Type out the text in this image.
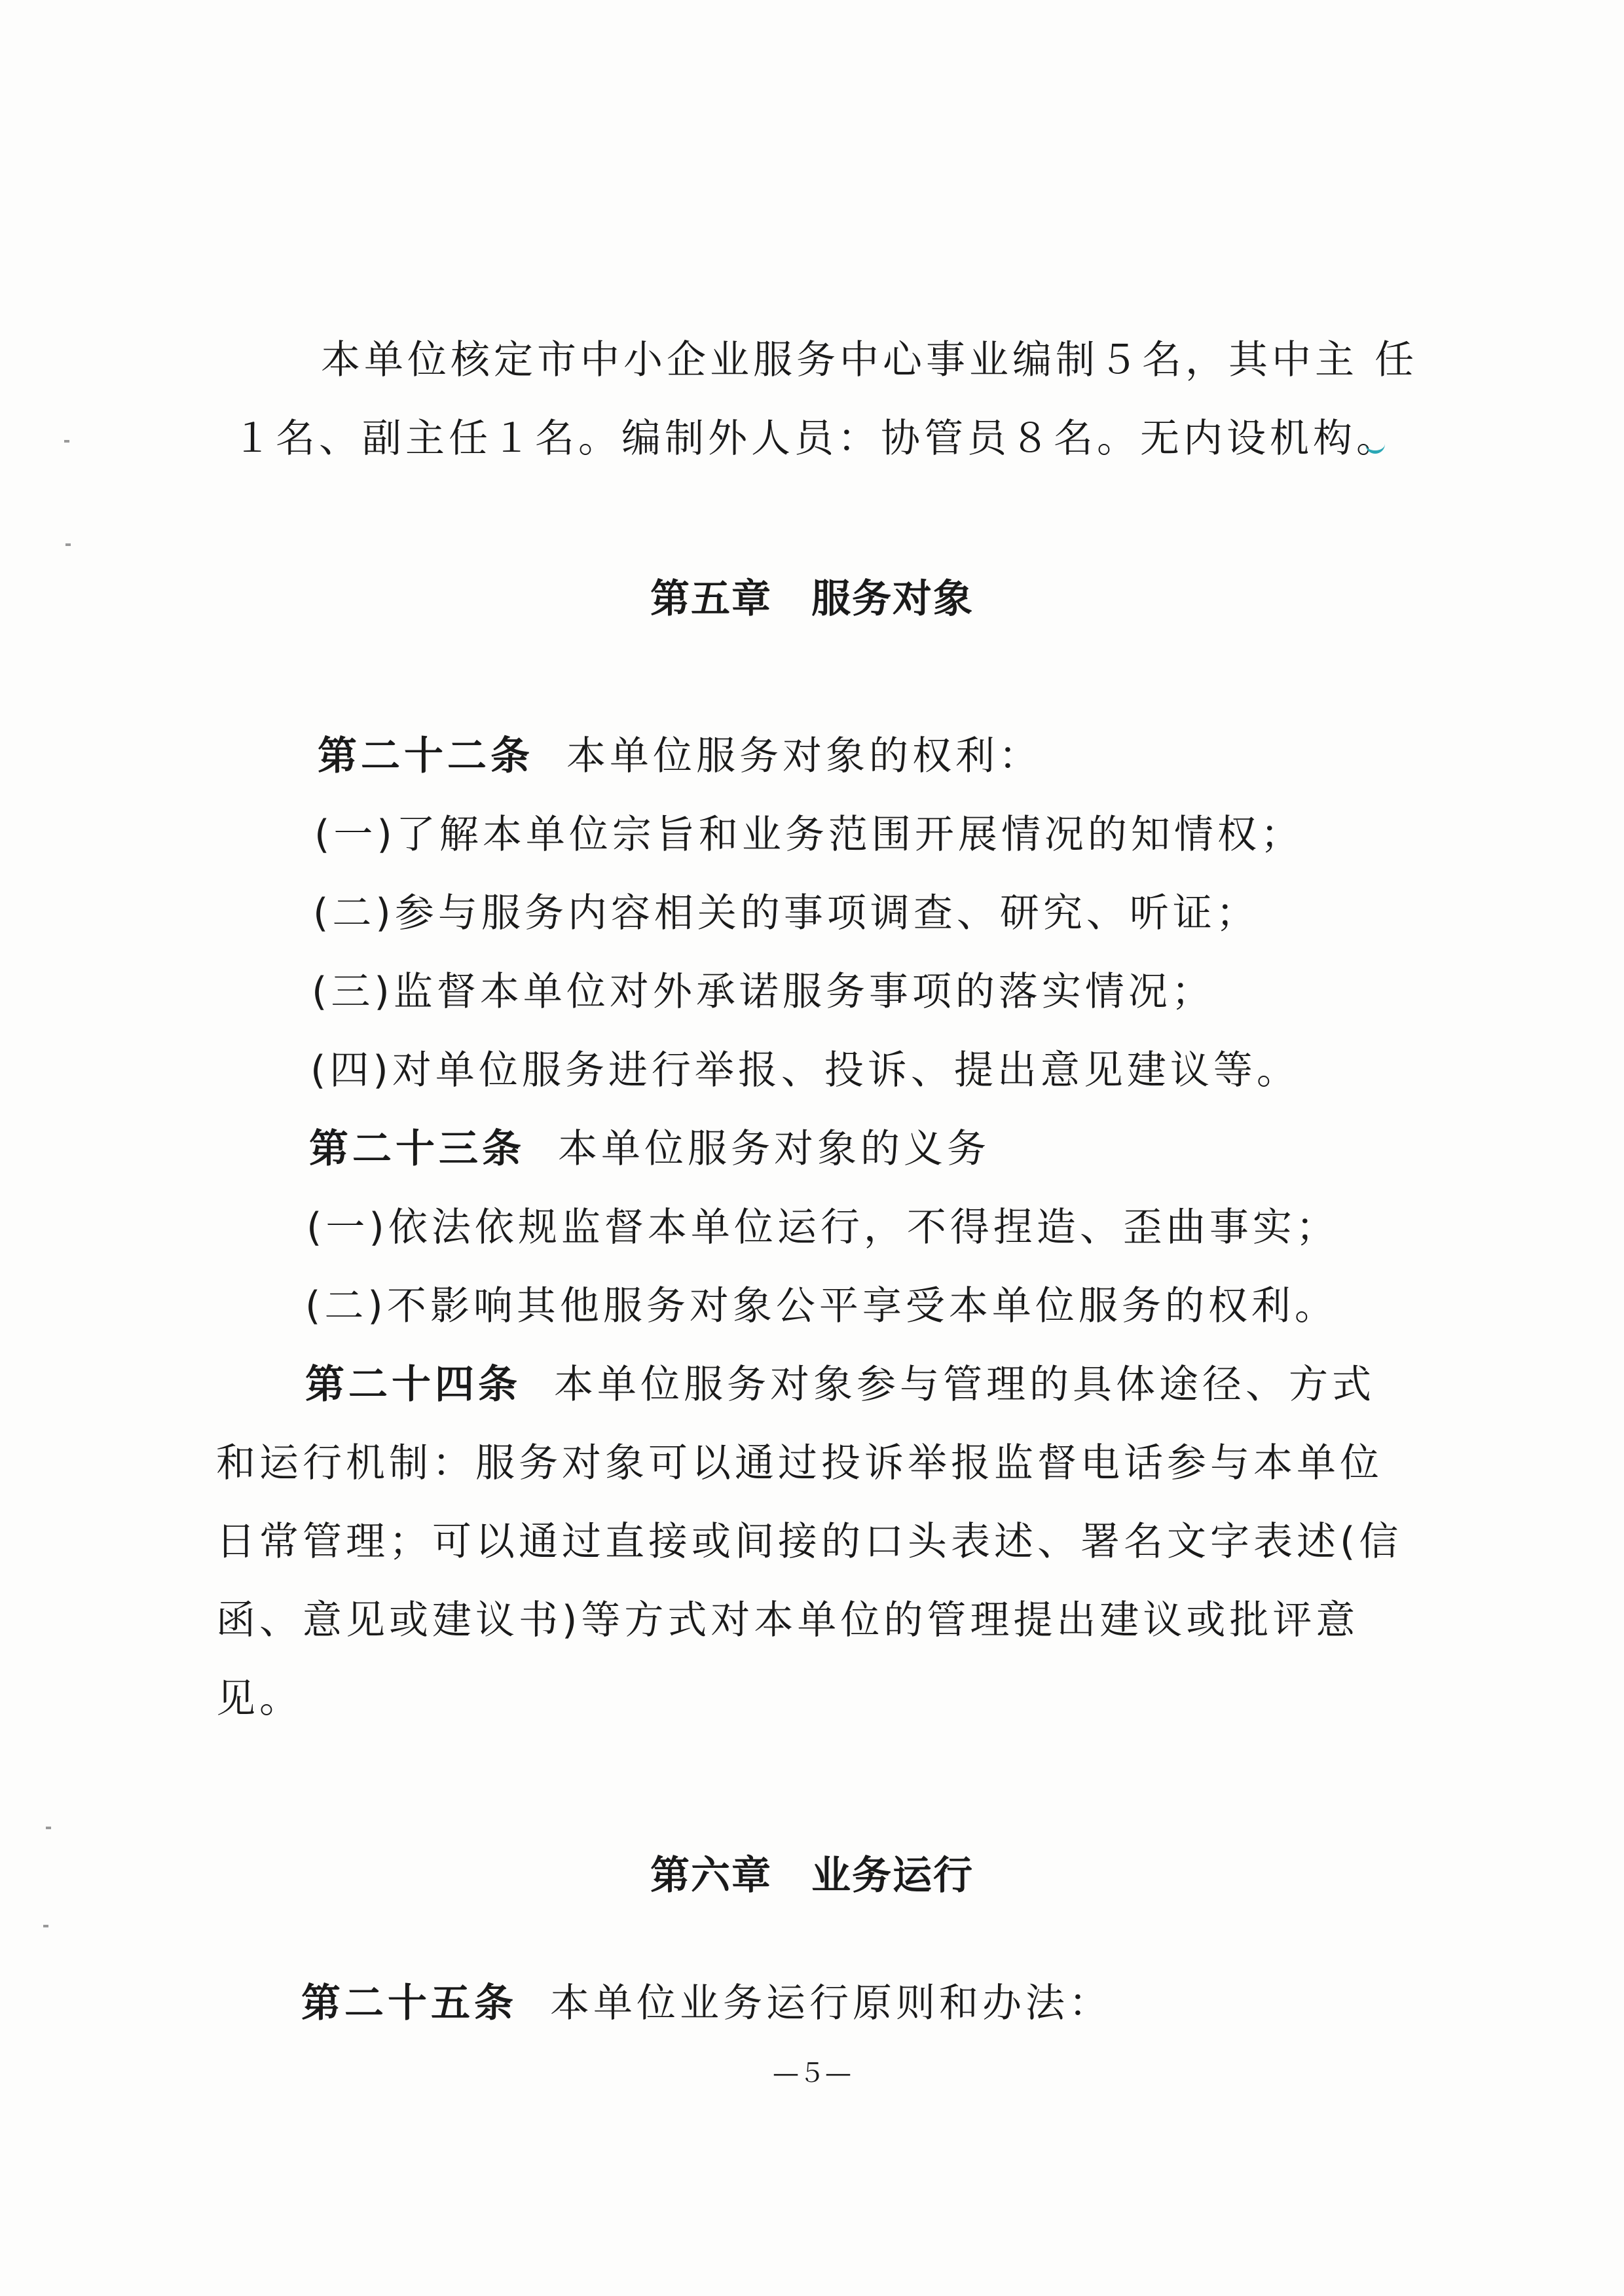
本单位核定市中小企业服务中心事业编制５名，其中主 任
１名、副主任１名。编制外人员：协管员８名。无内设机构。
第五章 服务对象
第二十二条 本单位服务对象的权利：
(一)了解本单位宗旨和业务范围开展情况的知情权；
(二)参与服务内容相关的事项调查、研究、听证；
(三)监督本单位对外承诺服务事项的落实情况；
(四)对单位服务进行举报、投诉、提出意见建议等。
第二十三条 本单位服务对象的义务
(一)依法依规监督本单位运行，不得捏造、歪曲事实；
(二)不影响其他服务对象公平享受本单位服务的权利。
第二十四条 本单位服务对象参与管理的具体途径、方式
和运行机制：服务对象可以通过投诉举报监督电话参与本单位
日常管理；可以通过直接或间接的口头表述、署名文字表述(信
函、意见或建议书)等方式对本单位的管理提出建议或批评意
见。
第六章 业务运行
第二十五条 本单位业务运行原则和办法：
—５—
